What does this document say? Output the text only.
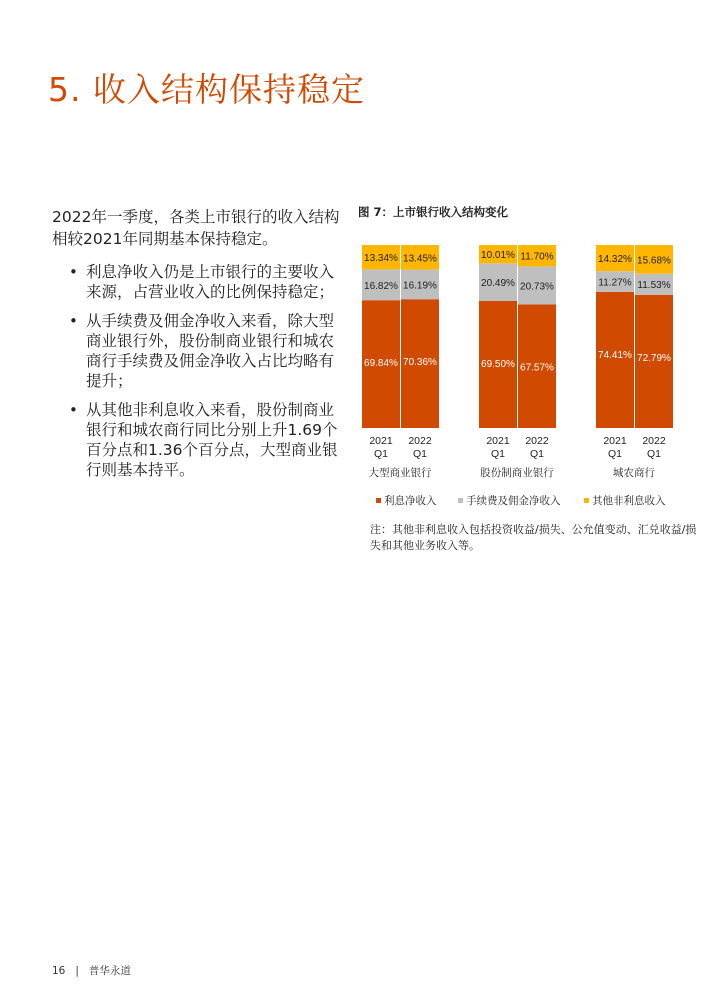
5. 收入结构保持稳定
2022年一季度，各类上市银行的收入结构相较2021年同期基本保持稳定。
• 利息净收入仍是上市银行的主要收入来源，占营业收入的比例保持稳定；
• 从手续费及佣金净收入来看，除大型商业银行外，股份制商业银行和城农商行手续费及佣金净收入占比均略有提升；
• 从其他非利息收入来看，股份制商业银行和城农商行同比分别上升1.69个百分点和1.36个百分点，大型商业银行则基本持平。
图 7：上市银行收入结构变化
69.84%
16.82%
13.34%
2021
Q1
70.36%
16.19%
13.45%
2022
Q1
69.50%
20.49%
10.01%
2021
Q1
67.57%
20.73%
11.70%
2022
Q1
74.41%
11.27%
14.32%
2021
Q1
72.79%
11.53%
15.68%
2022
Q1
大型商业银行	股份制商业银行	城农商行
利息净收入	手续费及佣金净收入	其他非利息收入
注：其他非利息收入包括投资收益/损失、公允值变动、汇兑收益/损失和其他业务收入等。
16 | 普华永道
